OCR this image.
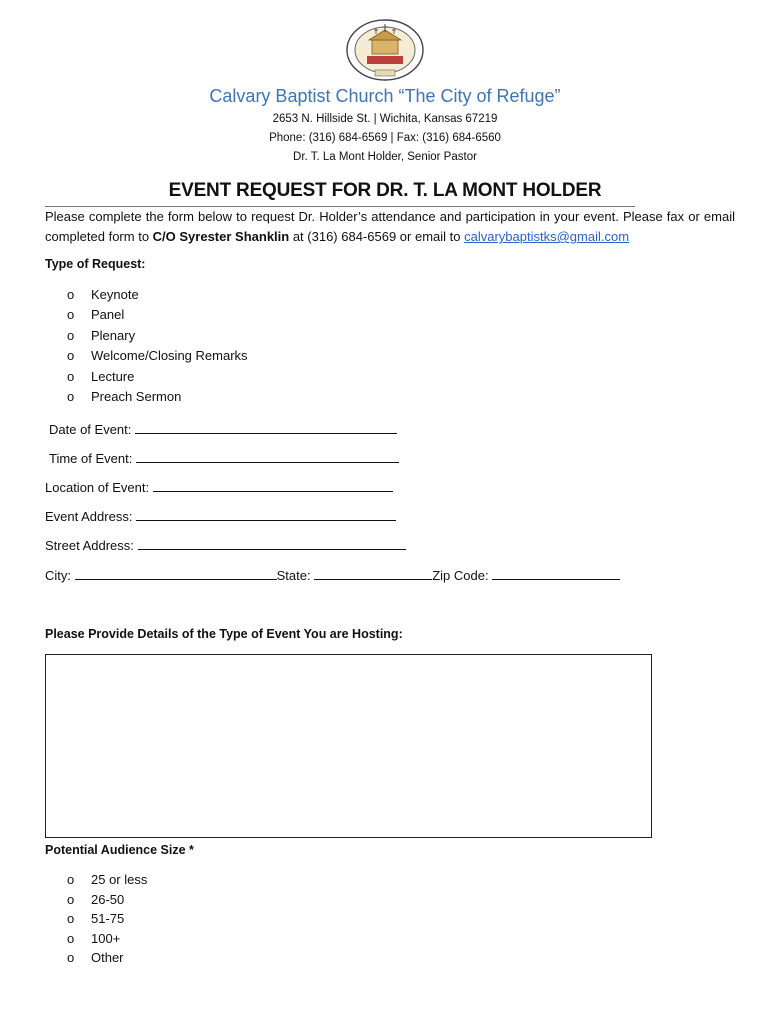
Calvary Baptist Church “The City of Refuge”
2653 N. Hillside St. | Wichita, Kansas 67219
Phone: (316) 684-6569 | Fax: (316) 684-6560
Dr. T. La Mont Holder, Senior Pastor
EVENT REQUEST FOR DR. T. LA MONT HOLDER
Please complete the form below to request Dr. Holder’s attendance and participation in your event. Please fax or email completed form to C/O Syrester Shanklin at (316) 684-6569 or email to calvarybaptistks@gmail.com
Type of Request:
o	Keynote
o	Panel
o	Plenary
o	Welcome/Closing Remarks
o	Lecture
o	Preach Sermon
Date of Event:
Time of Event:
Location of Event:
Event Address:
Street Address:
City:	State:	Zip Code:
Please Provide Details of the Type of Event You are Hosting:
Potential Audience Size *
o	25 or less
o	26-50
o	51-75
o	100+
o	Other
